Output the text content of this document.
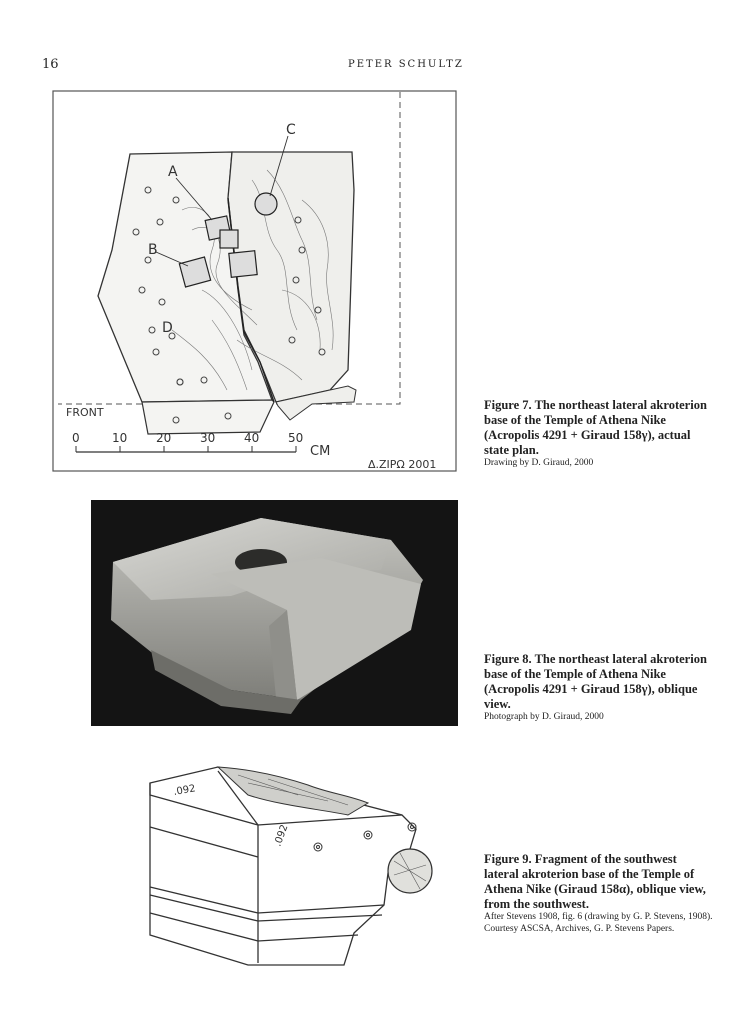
16	PETER SCHULTZ
A
B
C
D
FRONT
0	10 20 30 40 50
CM
Δ.ΖΙΡΩ 2001
Figure 7. The northeast lateral akroterion base of the Temple of Athena Nike (Acropolis 4291 + Giraud 158γ), actual state plan.
Drawing by D. Giraud, 2000
Figure 8. The northeast lateral akroterion base of the Temple of Athena Nike (Acropolis 4291 + Giraud 158γ), oblique view.
Photograph by D. Giraud, 2000
.092
.092
Figure 9. Fragment of the southwest lateral akroterion base of the Temple of Athena Nike (Giraud 158α), oblique view, from the southwest.
After Stevens 1908, fig. 6 (drawing by G. P. Stevens, 1908). Courtesy ASCSA, Archives, G. P. Stevens Papers.
